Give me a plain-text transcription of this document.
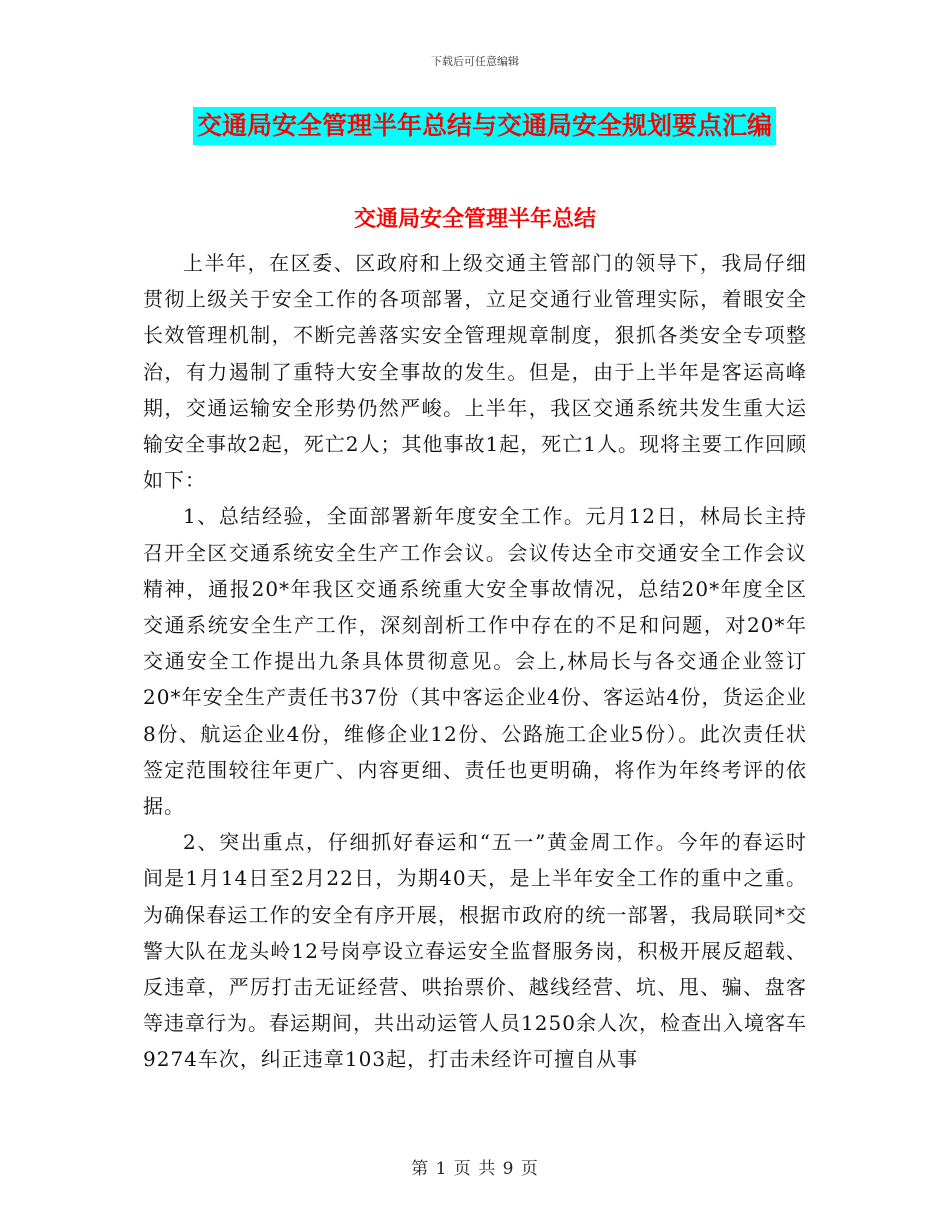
下载后可任意编辑
交通局安全管理半年总结与交通局安全规划要点汇编
交通局安全管理半年总结

上半年，在区委、区政府和上级交通主管部门的领导下，我局仔细贯彻上级关于安全工作的各项部署，立足交通行业管理实际，着眼安全长效管理机制，不断完善落实安全管理规章制度，狠抓各类安全专项整治，有力遏制了重特大安全事故的发生。但是，由于上半年是客运高峰期，交通运输安全形势仍然严峻。上半年，我区交通系统共发生重大运输安全事故2起，死亡2人；其他事故1起，死亡1人。现将主要工作回顾如下：

1、总结经验，全面部署新年度安全工作。元月12日，林局长主持召开全区交通系统安全生产工作会议。会议传达全市交通安全工作会议精神，通报20*年我区交通系统重大安全事故情况，总结20*年度全区交通系统安全生产工作，深刻剖析工作中存在的不足和问题，对20*年交通安全工作提出九条具体贯彻意见。会上,林局长与各交通企业签订20*年安全生产责任书37份（其中客运企业4份、客运站4份，货运企业8份、航运企业4份，维修企业12份、公路施工企业5份）。此次责任状签定范围较往年更广、内容更细、责任也更明确，将作为年终考评的依据。

2、突出重点，仔细抓好春运和“五一”黄金周工作。今年的春运时间是1月14日至2月22日，为期40天，是上半年安全工作的重中之重。为确保春运工作的安全有序开展，根据市政府的统一部署，我局联同*交警大队在龙头岭12号岗亭设立春运安全监督服务岗，积极开展反超载、反违章，严厉打击无证经营、哄抬票价、越线经营、坑、甩、骗、盘客等违章行为。春运期间，共出动运管人员1250余人次，检查出入境客车9274车次，纠正违章103起，打击未经许可擅自从事

第 1 页 共 9 页
